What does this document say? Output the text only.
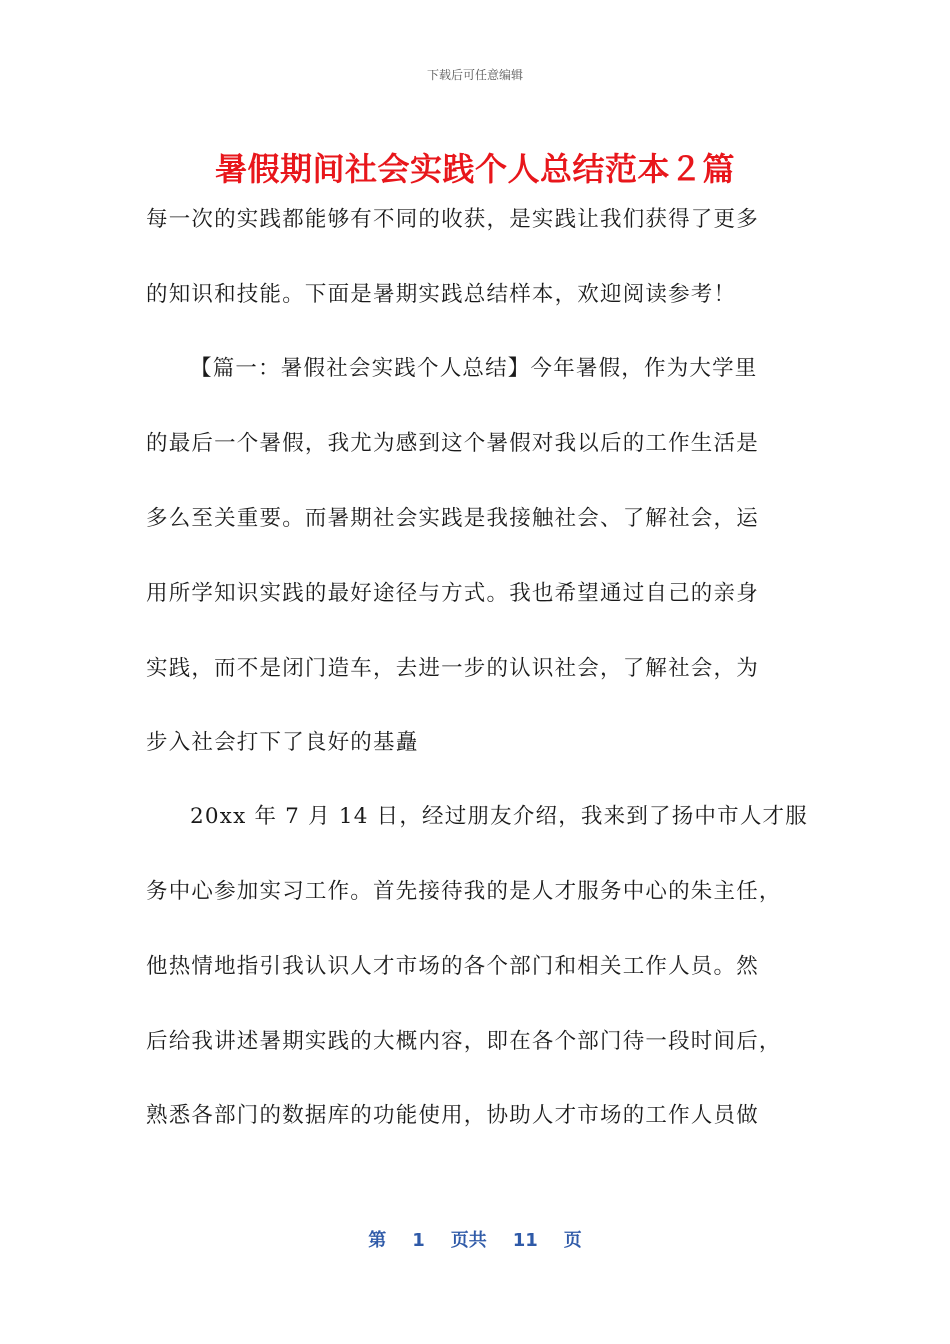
下载后可任意编辑
暑假期间社会实践个人总结范本２篇
每一次的实践都能够有不同的收获，是实践让我们获得了更多
的知识和技能。下面是暑期实践总结样本，欢迎阅读参考！
【篇一：暑假社会实践个人总结】今年暑假，作为大学里
的最后一个暑假，我尤为感到这个暑假对我以后的工作生活是
多么至关重要。而暑期社会实践是我接触社会、了解社会，运
用所学知识实践的最好途径与方式。我也希望通过自己的亲身
实践，而不是闭门造车，去进一步的认识社会，了解社会，为
步入社会打下了良好的基矗
20xx 年 7 月 14 日，经过朋友介绍，我来到了扬中市人才服
务中心参加实习工作。首先接待我的是人才服务中心的朱主任，
他热情地指引我认识人才市场的各个部门和相关工作人员。然
后给我讲述暑期实践的大概内容，即在各个部门待一段时间后，
熟悉各部门的数据库的功能使用，协助人才市场的工作人员做
第 1 页共 11 页
